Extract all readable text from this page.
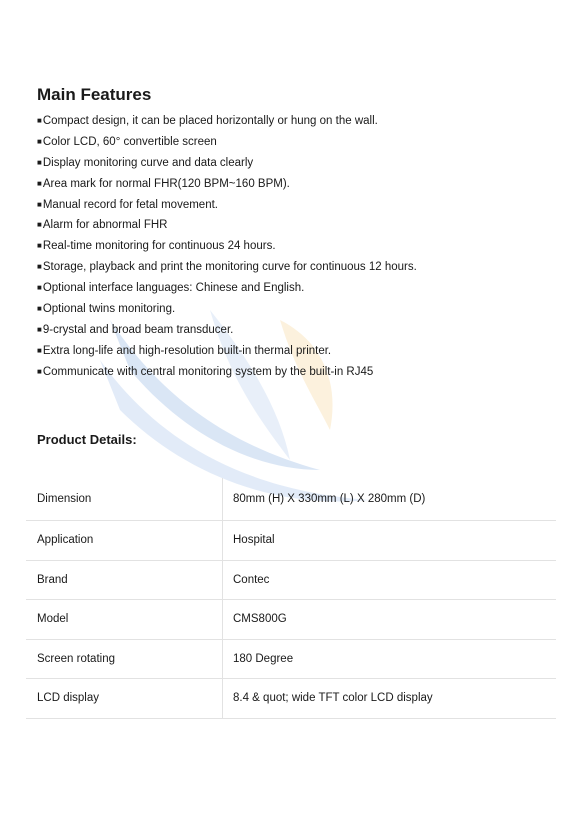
Main Features
■Compact design, it can be placed horizontally or hung on the wall.
■Color LCD, 60° convertible screen
■Display monitoring curve and data clearly
■Area mark for normal FHR(120 BPM~160 BPM).
■Manual record for fetal movement.
■Alarm for abnormal FHR
■Real-time monitoring for continuous 24 hours.
■Storage, playback and print the monitoring curve for continuous 12 hours.
■Optional interface languages: Chinese and English.
■Optional twins monitoring.
■9-crystal and broad beam transducer.
■Extra long-life and high-resolution built-in thermal printer.
■Communicate with central monitoring system by the built-in RJ45
Product Details:
Dimension	80mm (H) X 330mm (L) X 280mm (D)
Application	Hospital
Brand	Contec
Model	CMS800G
Screen rotating	180 Degree
LCD display	8.4 & quot; wide TFT color LCD display
